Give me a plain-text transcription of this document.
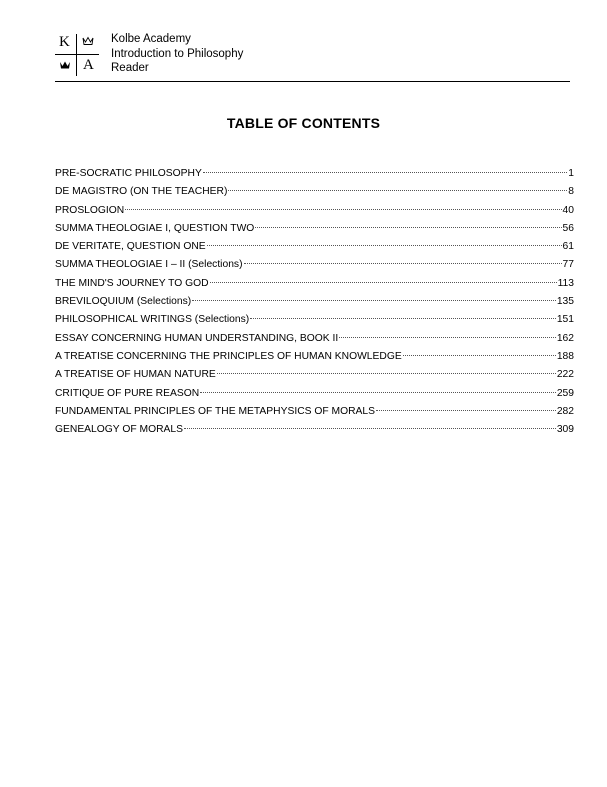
K
A
Kolbe Academy
Introduction to Philosophy
Reader
TABLE OF CONTENTS
PRE-SOCRATIC PHILOSOPHY	1
DE MAGISTRO (ON THE TEACHER)	8
PROSLOGION	40
SUMMA THEOLOGIAE I, QUESTION TWO	56
DE VERITATE, QUESTION ONE	61
SUMMA THEOLOGIAE I – II (Selections)	77
THE MIND'S JOURNEY TO GOD	113
BREVILOQUIUM (Selections)	135
PHILOSOPHICAL WRITINGS (Selections)	151
ESSAY CONCERNING HUMAN UNDERSTANDING, BOOK II	162
A TREATISE CONCERNING THE PRINCIPLES OF HUMAN KNOWLEDGE	188
A TREATISE OF HUMAN NATURE	222
CRITIQUE OF PURE REASON	259
FUNDAMENTAL PRINCIPLES OF THE METAPHYSICS OF MORALS	282
GENEALOGY OF MORALS	309
